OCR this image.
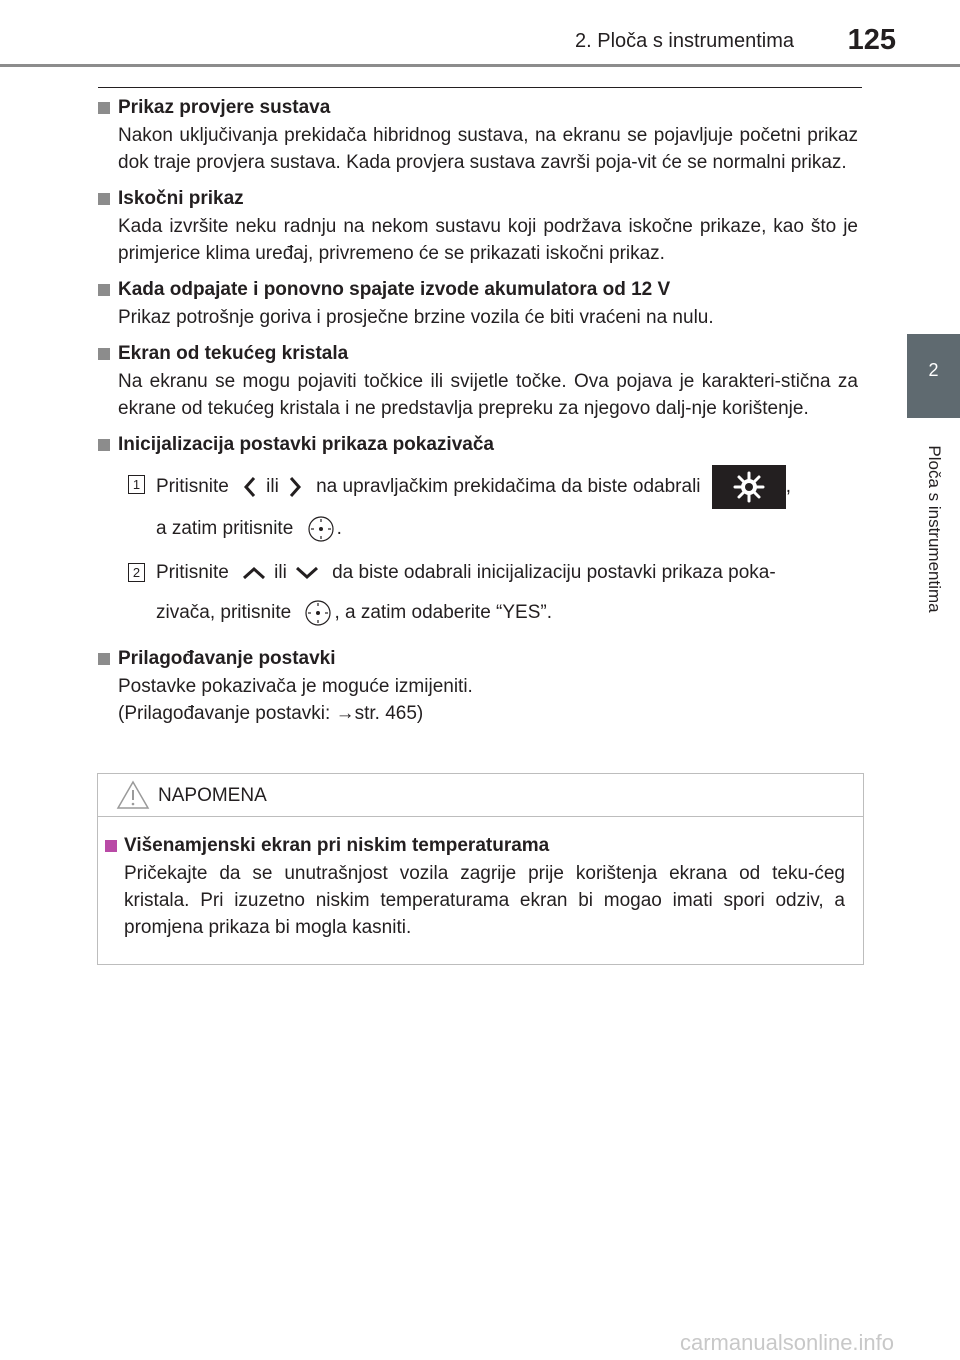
2. Ploča s instrumentima	125
2
Ploča s instrumentima
Prikaz provjere sustava
Nakon uključivanja prekidača hibridnog sustava, na ekranu se pojavljuje početni prikaz dok traje provjera sustava. Kada provjera sustava završi poja-vit će se normalni prikaz.
Iskočni prikaz
Kada izvršite neku radnju na nekom sustavu koji podržava iskočne prikaze, kao što je primjerice klima uređaj, privremeno će se prikazati iskočni prikaz.
Kada odpajate i ponovno spajate izvode akumulatora od 12 V
Prikaz potrošnje goriva i prosječne brzine vozila će biti vraćeni na nulu.
Ekran od tekućeg kristala
Na ekranu se mogu pojaviti točkice ili svijetle točke. Ova pojava je karakteri-stična za ekrane od tekućeg kristala i ne predstavlja prepreku za njegovo dalj-nje korištenje.
Inicijalizacija postavki prikaza pokazivača
1 Pritisnite ili na upravljačkim prekidačima da biste odabrali	,
a zatim pritisnite .
2 Pritisnite ili da biste odabrali inicijalizaciju postavki prikaza poka-
zivača, pritisnite , a zatim odaberite “YES”.
Prilagođavanje postavki
Postavke pokazivača je moguće izmijeniti.
(Prilagođavanje postavki: →str. 465)
NAPOMENA
Višenamjenski ekran pri niskim temperaturama
Pričekajte da se unutrašnjost vozila zagrije prije korištenja ekrana od teku-ćeg kristala. Pri izuzetno niskim temperaturama ekran bi mogao imati spori odziv, a promjena prikaza bi mogla kasniti.
carmanualsonline.info
